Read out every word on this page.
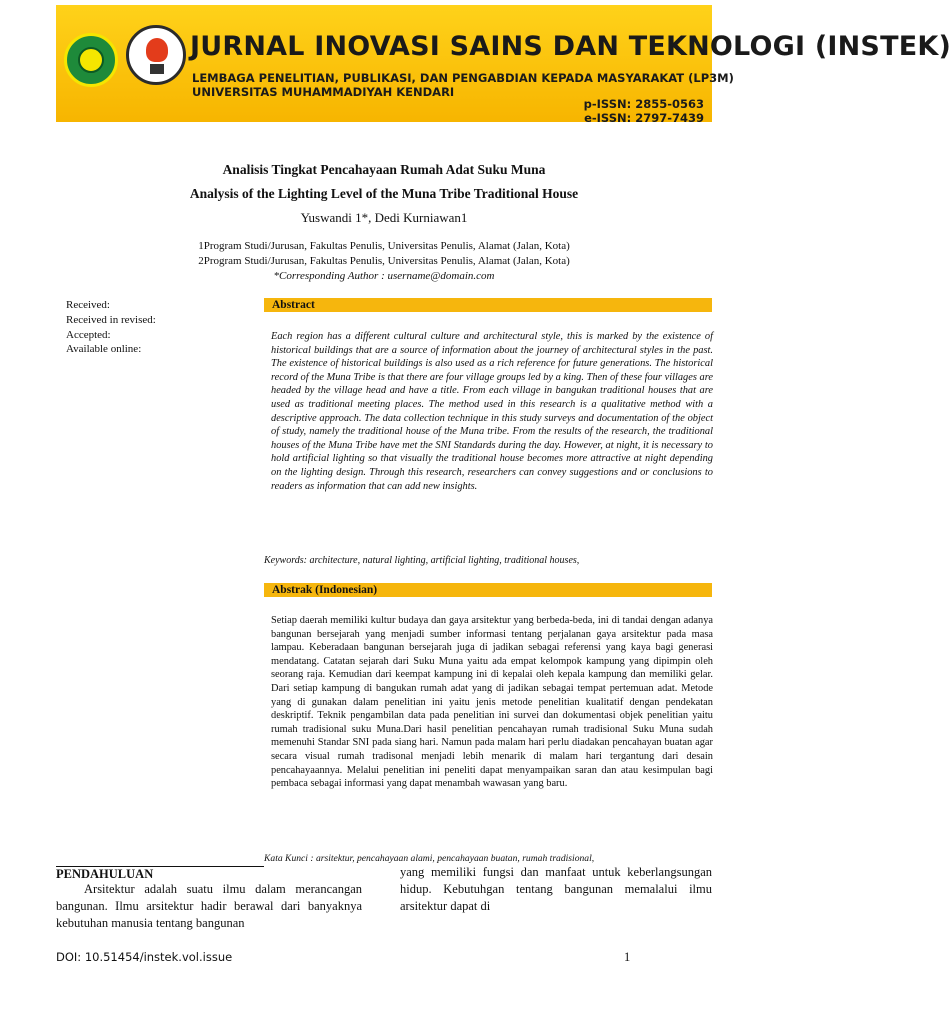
JURNAL INOVASI SAINS DAN TEKNOLOGI (INSTEK)
LEMBAGA PENELITIAN, PUBLIKASI, DAN PENGABDIAN KEPADA MASYARAKAT (LP3M)
UNIVERSITAS MUHAMMADIYAH KENDARI
p-ISSN: 2855-0563
e-ISSN: 2797-7439
Analisis Tingkat Pencahayaan Rumah Adat Suku Muna
Analysis of the Lighting Level of the Muna Tribe Traditional House
Yuswandi 1*, Dedi Kurniawan1
1Program Studi/Jurusan, Fakultas Penulis, Universitas Penulis, Alamat (Jalan, Kota)
2Program Studi/Jurusan, Fakultas Penulis, Universitas Penulis, Alamat (Jalan, Kota)
*Corresponding Author : username@domain.com
Received:
Received in revised:
Accepted:
Available online:
Abstract
Each region has a different cultural culture and architectural style, this is marked by the existence of historical buildings that are a source of information about the journey of architectural styles in the past. The existence of historical buildings is also used as a rich reference for future generations. The historical record of the Muna Tribe is that there are four village groups led by a king. Then of these four villages are headed by the village head and have a title. From each village in bangukan traditional houses that are used as traditional meeting places. The method used in this research is a qualitative method with a descriptive approach. The data collection technique in this study surveys and documentation of the object of study, namely the traditional house of the Muna tribe. From the results of the research, the traditional houses of the Muna Tribe have met the SNI Standards during the day. However, at night, it is necessary to hold artificial lighting so that visually the traditional house becomes more attractive at night depending on the lighting design. Through this research, researchers can convey suggestions and or conclusions to readers as information that can add new insights.
Keywords: architecture, natural lighting, artificial lighting, traditional houses,
Abstrak (Indonesian)
Setiap daerah memiliki kultur budaya dan gaya arsitektur yang berbeda-beda, ini di tandai dengan adanya bangunan bersejarah yang menjadi sumber informasi tentang perjalanan gaya arsitektur pada masa lampau. Keberadaan bangunan bersejarah juga di jadikan sebagai referensi yang kaya bagi generasi mendatang. Catatan sejarah dari Suku Muna yaitu ada empat kelompok kampung yang dipimpin oleh seorang raja. Kemudian dari keempat kampung ini di kepalai oleh kepala kampung dan memiliki gelar. Dari setiap kampung di bangukan rumah adat yang di jadikan sebagai tempat pertemuan adat. Metode yang di gunakan dalam penelitian ini yaitu jenis metode penelitian kualitatif dengan pendekatan deskriptif. Teknik pengambilan data pada penelitian ini survei dan dokumentasi objek penelitian yaitu rumah tradisional suku Muna.Dari hasil penelitian pencahayan rumah tradisional Suku Muna sudah memenuhi Standar SNI pada siang hari. Namun pada malam hari perlu diadakan pencahayan buatan agar secara visual rumah tradisonal menjadi lebih menarik di malam hari tergantung dari desain pencahayaannya. Melalui penelitian ini peneliti dapat menyampaikan saran dan atau kesimpulan bagi pembaca sebagai informasi yang dapat menambah wawasan yang baru.
Kata Kunci : arsitektur, pencahayaan alami, pencahayaan buatan, rumah tradisional,
PENDAHULUAN
Arsitektur adalah suatu ilmu dalam merancangan bangunan. Ilmu arsitektur hadir berawal dari banyaknya kebutuhan manusia tentang bangunan
yang memiliki fungsi dan manfaat untuk keberlangsungan hidup. Kebutuhgan tentang bangunan memalalui ilmu arsitektur dapat di
DOI: 10.51454/instek.vol.issue	1
